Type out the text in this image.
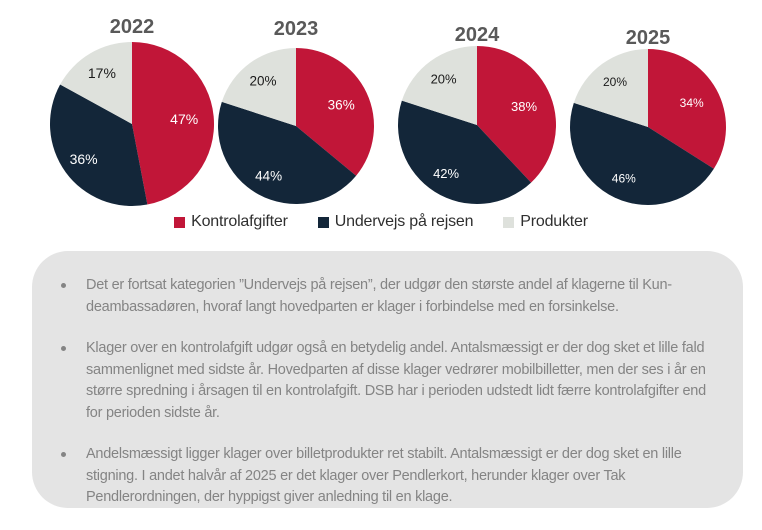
2022
47%
36%
17%
2023
36%
44%
20%
2024
38%
42%
20%
2025
34%
46%
20%
Kontrolafgifter	Undervejs på rejsen	Produkter
Det er fortsat kategorien ”Undervejs på rejsen”, der udgør den største andel af klagerne til Kundeambassadøren, hvoraf langt hovedparten er klager i forbindelse med en forsinkelse.
Klager over en kontrolafgift udgør også en betydelig andel. Antalsmæssigt er der dog sket et lille fald sammenlignet med sidste år. Hovedparten af disse klager vedrører mobilbilletter, men der ses i år en større spredning i årsagen til en kontrolafgift. DSB har i perioden udstedt lidt færre kontrolafgifter end for perioden sidste år.
Andelsmæssigt ligger klager over billetprodukter ret stabilt. Antalsmæssigt er der dog sket en lille stigning. I andet halvår af 2025 er det klager over Pendlerkort, herunder klager over Tak Pendlerordningen, der hyppigst giver anledning til en klage.
